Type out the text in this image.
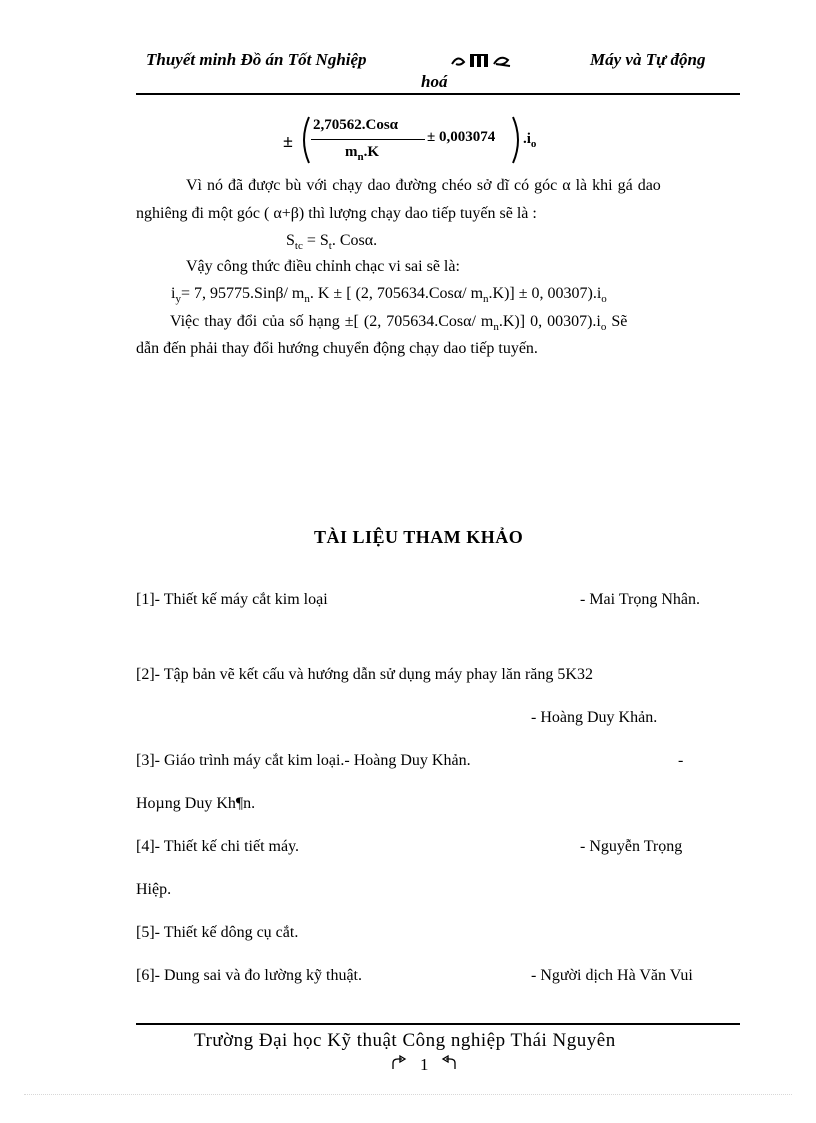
Thuyết minh Đồ án Tốt Nghiệp	Máy và Tự động
hoá
±
2,70562.Cosα
$m_n.K$
± 0,003074 $.i_o$
Vì nó đã được bù với chạy dao đường chéo sở dĩ có góc α là khi gá dao
nghiêng đi một góc ( α+β) thì lượng chạy dao tiếp tuyến sẽ là :
$S_{tc} = S_t$. Cosα.
Vậy công thức điều chỉnh chạc vi sai sẽ là:
$i_y= 7$, 95775.Sinβ/ $m_n$. K ± [ (2, 705634.Cosα/ $m_n.K)] \pm 0$, $00307).i_o$
Việc thay đổi của số hạng ±[ (2, 705634.Cosα/ $m_n.K$)] 0, $00307).i_o$ Sẽ
dẫn đến phải thay đổi hướng chuyển động chạy dao tiếp tuyến.
TÀI LIỆU THAM KHẢO
[1]- Thiết kế máy cắt kim loại	- Mai Trọng Nhân.
[2]- Tập bản vẽ kết cấu và hướng dẫn sử dụng máy phay lăn răng 5K32
- Hoàng Duy Khản.
[3]- Giáo trình máy cắt kim loại.- Hoàng Duy Khản.	-
Hoµng Duy Kh¶n.
[4]- Thiết kế chi tiết máy.	- Nguyễn Trọng
Hiệp.
[5]- Thiết kế dông cụ cắt.
[6]- Dung sai và đo lường kỹ thuật.	- Người dịch Hà Văn Vui
Trường Đại học Kỹ thuật Công nghiệp Thái Nguyên
1
